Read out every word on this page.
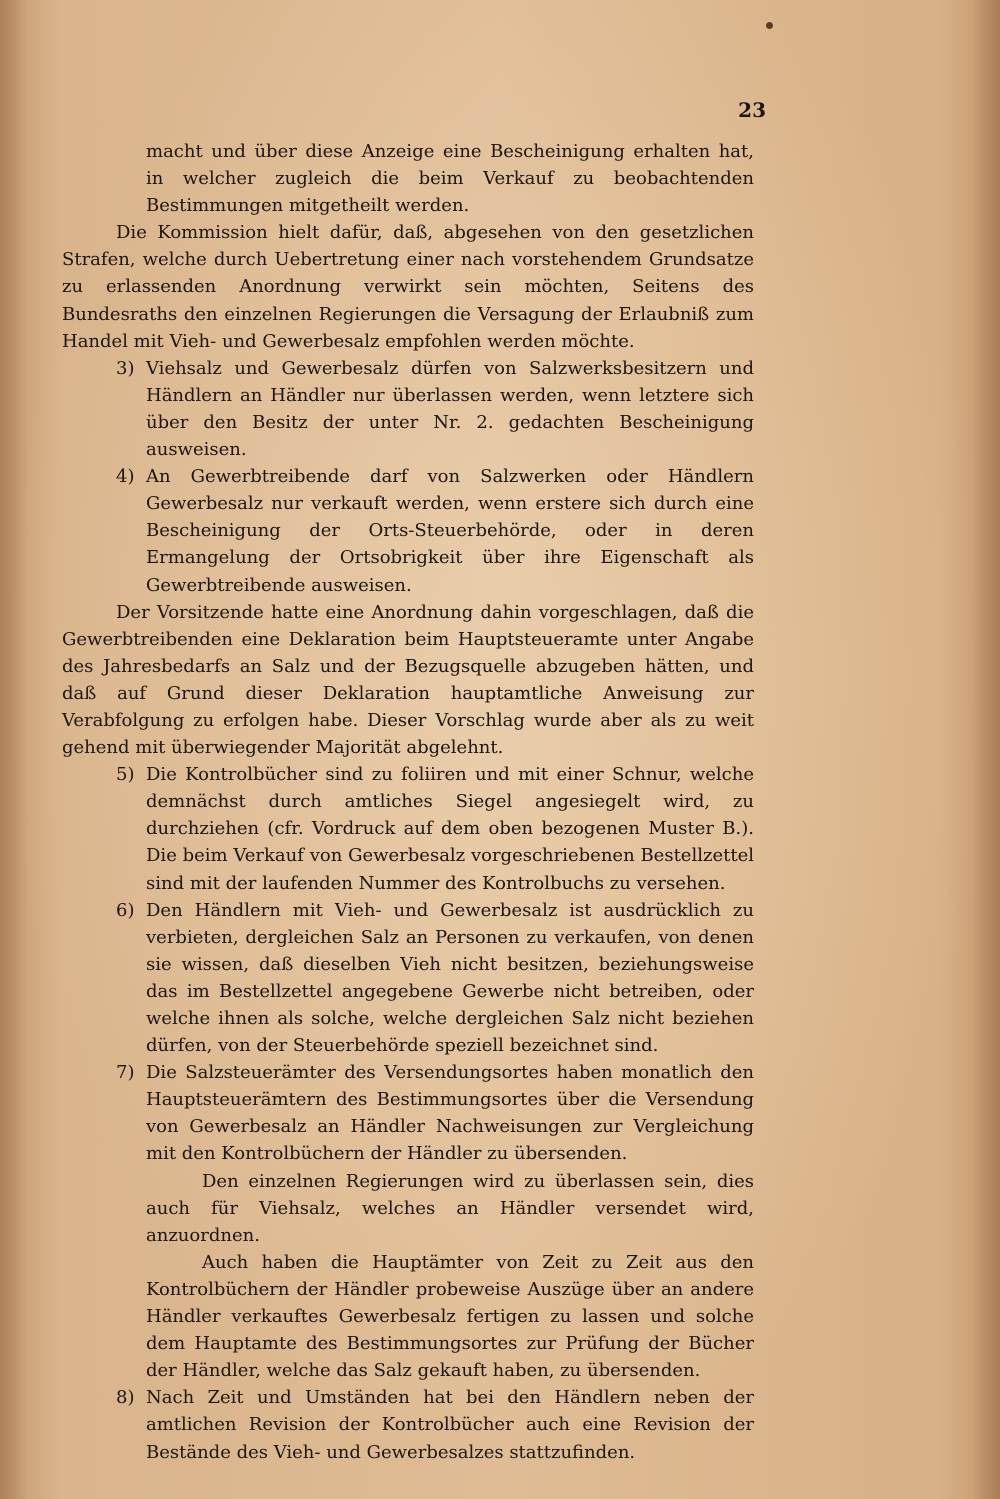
23

macht und über diese Anzeige eine Bescheinigung erhalten hat, in welcher zugleich die beim Verkauf zu beobachtenden Bestimmungen mitgetheilt werden.

Die Kommission hielt dafür, daß, abgesehen von den gesetzlichen Strafen, welche durch Uebertretung einer nach vorstehendem Grundsatze zu erlassenden Anordnung verwirkt sein möchten, Seitens des Bundesraths den einzelnen Regierungen die Versagung der Erlaubniß zum Handel mit Vieh- und Gewerbesalz empfohlen werden möchte.

3) Viehsalz und Gewerbesalz dürfen von Salzwerksbesitzern und Händlern an Händler nur überlassen werden, wenn letztere sich über den Besitz der unter Nr. 2. gedachten Bescheinigung ausweisen.
4) An Gewerbtreibende darf von Salzwerken oder Händlern Gewerbesalz nur verkauft werden, wenn erstere sich durch eine Bescheinigung der Orts-Steuerbehörde, oder in deren Ermangelung der Ortsobrigkeit über ihre Eigenschaft als Gewerbtreibende ausweisen.

Der Vorsitzende hatte eine Anordnung dahin vorgeschlagen, daß die Gewerbtreibenden eine Deklaration beim Hauptsteueramte unter Angabe des Jahresbedarfs an Salz und der Bezugsquelle abzugeben hätten, und daß auf Grund dieser Deklaration hauptamtliche Anweisung zur Verabfolgung zu erfolgen habe. Dieser Vorschlag wurde aber als zu weit gehend mit überwiegender Majorität abgelehnt.

5) Die Kontrolbücher sind zu foliiren und mit einer Schnur, welche demnächst durch amtliches Siegel angesiegelt wird, zu durchziehen (cfr. Vordruck auf dem oben bezogenen Muster B.). Die beim Verkauf von Gewerbesalz vorgeschriebenen Bestellzettel sind mit der laufenden Nummer des Kontrolbuchs zu versehen.
6) Den Händlern mit Vieh- und Gewerbesalz ist ausdrücklich zu verbieten, dergleichen Salz an Personen zu verkaufen, von denen sie wissen, daß dieselben Vieh nicht besitzen, beziehungsweise das im Bestellzettel angegebene Gewerbe nicht betreiben, oder welche ihnen als solche, welche dergleichen Salz nicht beziehen dürfen, von der Steuerbehörde speziell bezeichnet sind.
7) Die Salzsteuerämter des Versendungsortes haben monatlich den Hauptsteuerämtern des Bestimmungsortes über die Versendung von Gewerbesalz an Händler Nachweisungen zur Vergleichung mit den Kontrolbüchern der Händler zu übersenden.

Den einzelnen Regierungen wird zu überlassen sein, dies auch für Viehsalz, welches an Händler versendet wird, anzuordnen.

Auch haben die Hauptämter von Zeit zu Zeit aus den Kontrolbüchern der Händler probeweise Auszüge über an andere Händler verkauftes Gewerbesalz fertigen zu lassen und solche dem Hauptamte des Bestimmungsortes zur Prüfung der Bücher der Händler, welche das Salz gekauft haben, zu übersenden.

8) Nach Zeit und Umständen hat bei den Händlern neben der amtlichen Revision der Kontrolbücher auch eine Revision der Bestände des Vieh- und Gewerbesalzes stattzufinden.
